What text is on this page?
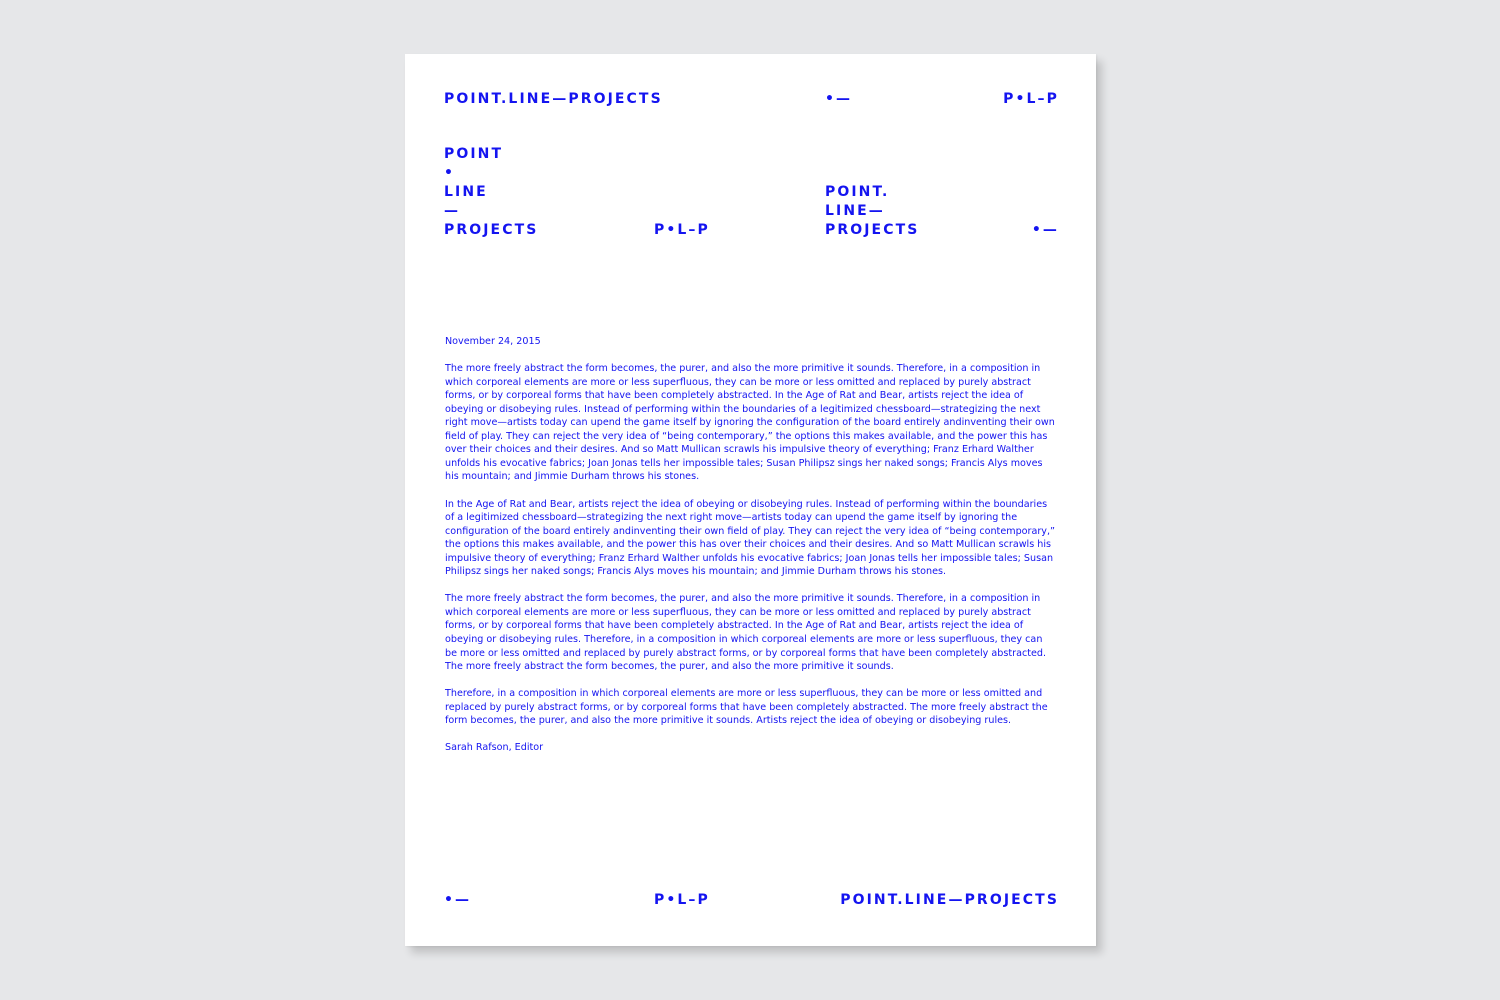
POINT.LINE—PROJECTS	•—	P•L–P
POINT
•
LINE
—
PROJECTS	P•L–P
POINT.
LINE—
PROJECTS	•—

November 24, 2015

The more freely abstract the form becomes, the purer, and also the more primitive it sounds. Therefore, in a composition in which corporeal elements are more or less superfluous, they can be more or less omitted and replaced by purely abstract forms, or by corporeal forms that have been completely abstracted. In the Age of Rat and Bear, artists reject the idea of obeying or disobeying rules. Instead of performing within the boundaries of a legitimized chessboard—strategizing the next right move—artists today can upend the game itself by ignoring the configuration of the board entirely andinventing their own field of play. They can reject the very idea of “being contemporary,” the options this makes available, and the power this has over their choices and their desires. And so Matt Mullican scrawls his impulsive theory of everything; Franz Erhard Walther unfolds his evocative fabrics; Joan Jonas tells her impossible tales; Susan Philipsz sings her naked songs; Francis Alys moves his mountain; and Jimmie Durham throws his stones.

In the Age of Rat and Bear, artists reject the idea of obeying or disobeying rules. Instead of performing within the boundaries of a legitimized chessboard—strategizing the next right move—artists today can upend the game itself by ignoring the configuration of the board entirely andinventing their own field of play. They can reject the very idea of “being contemporary,” the options this makes available, and the power this has over their choices and their desires. And so Matt Mullican scrawls his impulsive theory of everything; Franz Erhard Walther unfolds his evocative fabrics; Joan Jonas tells her impossible tales; Susan Philipsz sings her naked songs; Francis Alys moves his mountain; and Jimmie Durham throws his stones.

The more freely abstract the form becomes, the purer, and also the more primitive it sounds. Therefore, in a composition in which corporeal elements are more or less superfluous, they can be more or less omitted and replaced by purely abstract forms, or by corporeal forms that have been completely abstracted. In the Age of Rat and Bear, artists reject the idea of obeying or disobeying rules. Therefore, in a composition in which corporeal elements are more or less superfluous, they can be more or less omitted and replaced by purely abstract forms, or by corporeal forms that have been completely abstracted. The more freely abstract the form becomes, the purer, and also the more primitive it sounds.

Therefore, in a composition in which corporeal elements are more or less superfluous, they can be more or less omitted and replaced by purely abstract forms, or by corporeal forms that have been completely abstracted. The more freely abstract the form becomes, the purer, and also the more primitive it sounds. Artists reject the idea of obeying or disobeying rules.

Sarah Rafson, Editor

•—	P•L–P	POINT.LINE—PROJECTS
